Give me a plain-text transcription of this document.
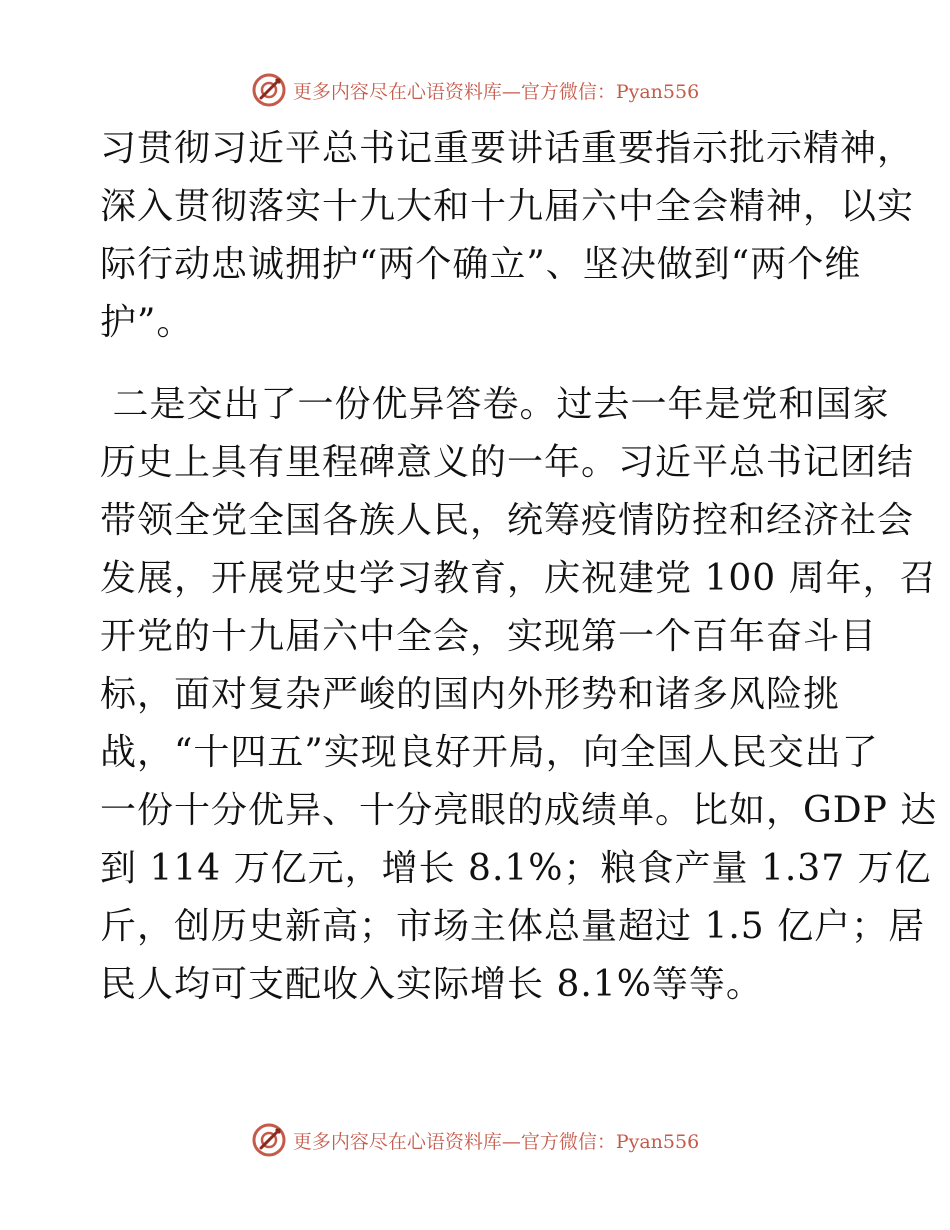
更多内容尽在心语资料库—官方微信：Pyan556
习贯彻习近平总书记重要讲话重要指示批示精神，
深入贯彻落实十九大和十九届六中全会精神，以实
际行动忠诚拥护“两个确立”、坚决做到“两个维
护”。
二是交出了一份优异答卷。过去一年是党和国家
历史上具有里程碑意义的一年。习近平总书记团结
带领全党全国各族人民，统筹疫情防控和经济社会
发展，开展党史学习教育，庆祝建党 100 周年，召
开党的十九届六中全会，实现第一个百年奋斗目
标，面对复杂严峻的国内外形势和诸多风险挑
战，“十四五”实现良好开局，向全国人民交出了
一份十分优异、十分亮眼的成绩单。比如，GDP 达
到 114 万亿元，增长 8.1%；粮食产量 1.37 万亿
斤，创历史新高；市场主体总量超过 1.5 亿户；居
民人均可支配收入实际增长 8.1%等等。
更多内容尽在心语资料库—官方微信：Pyan556
